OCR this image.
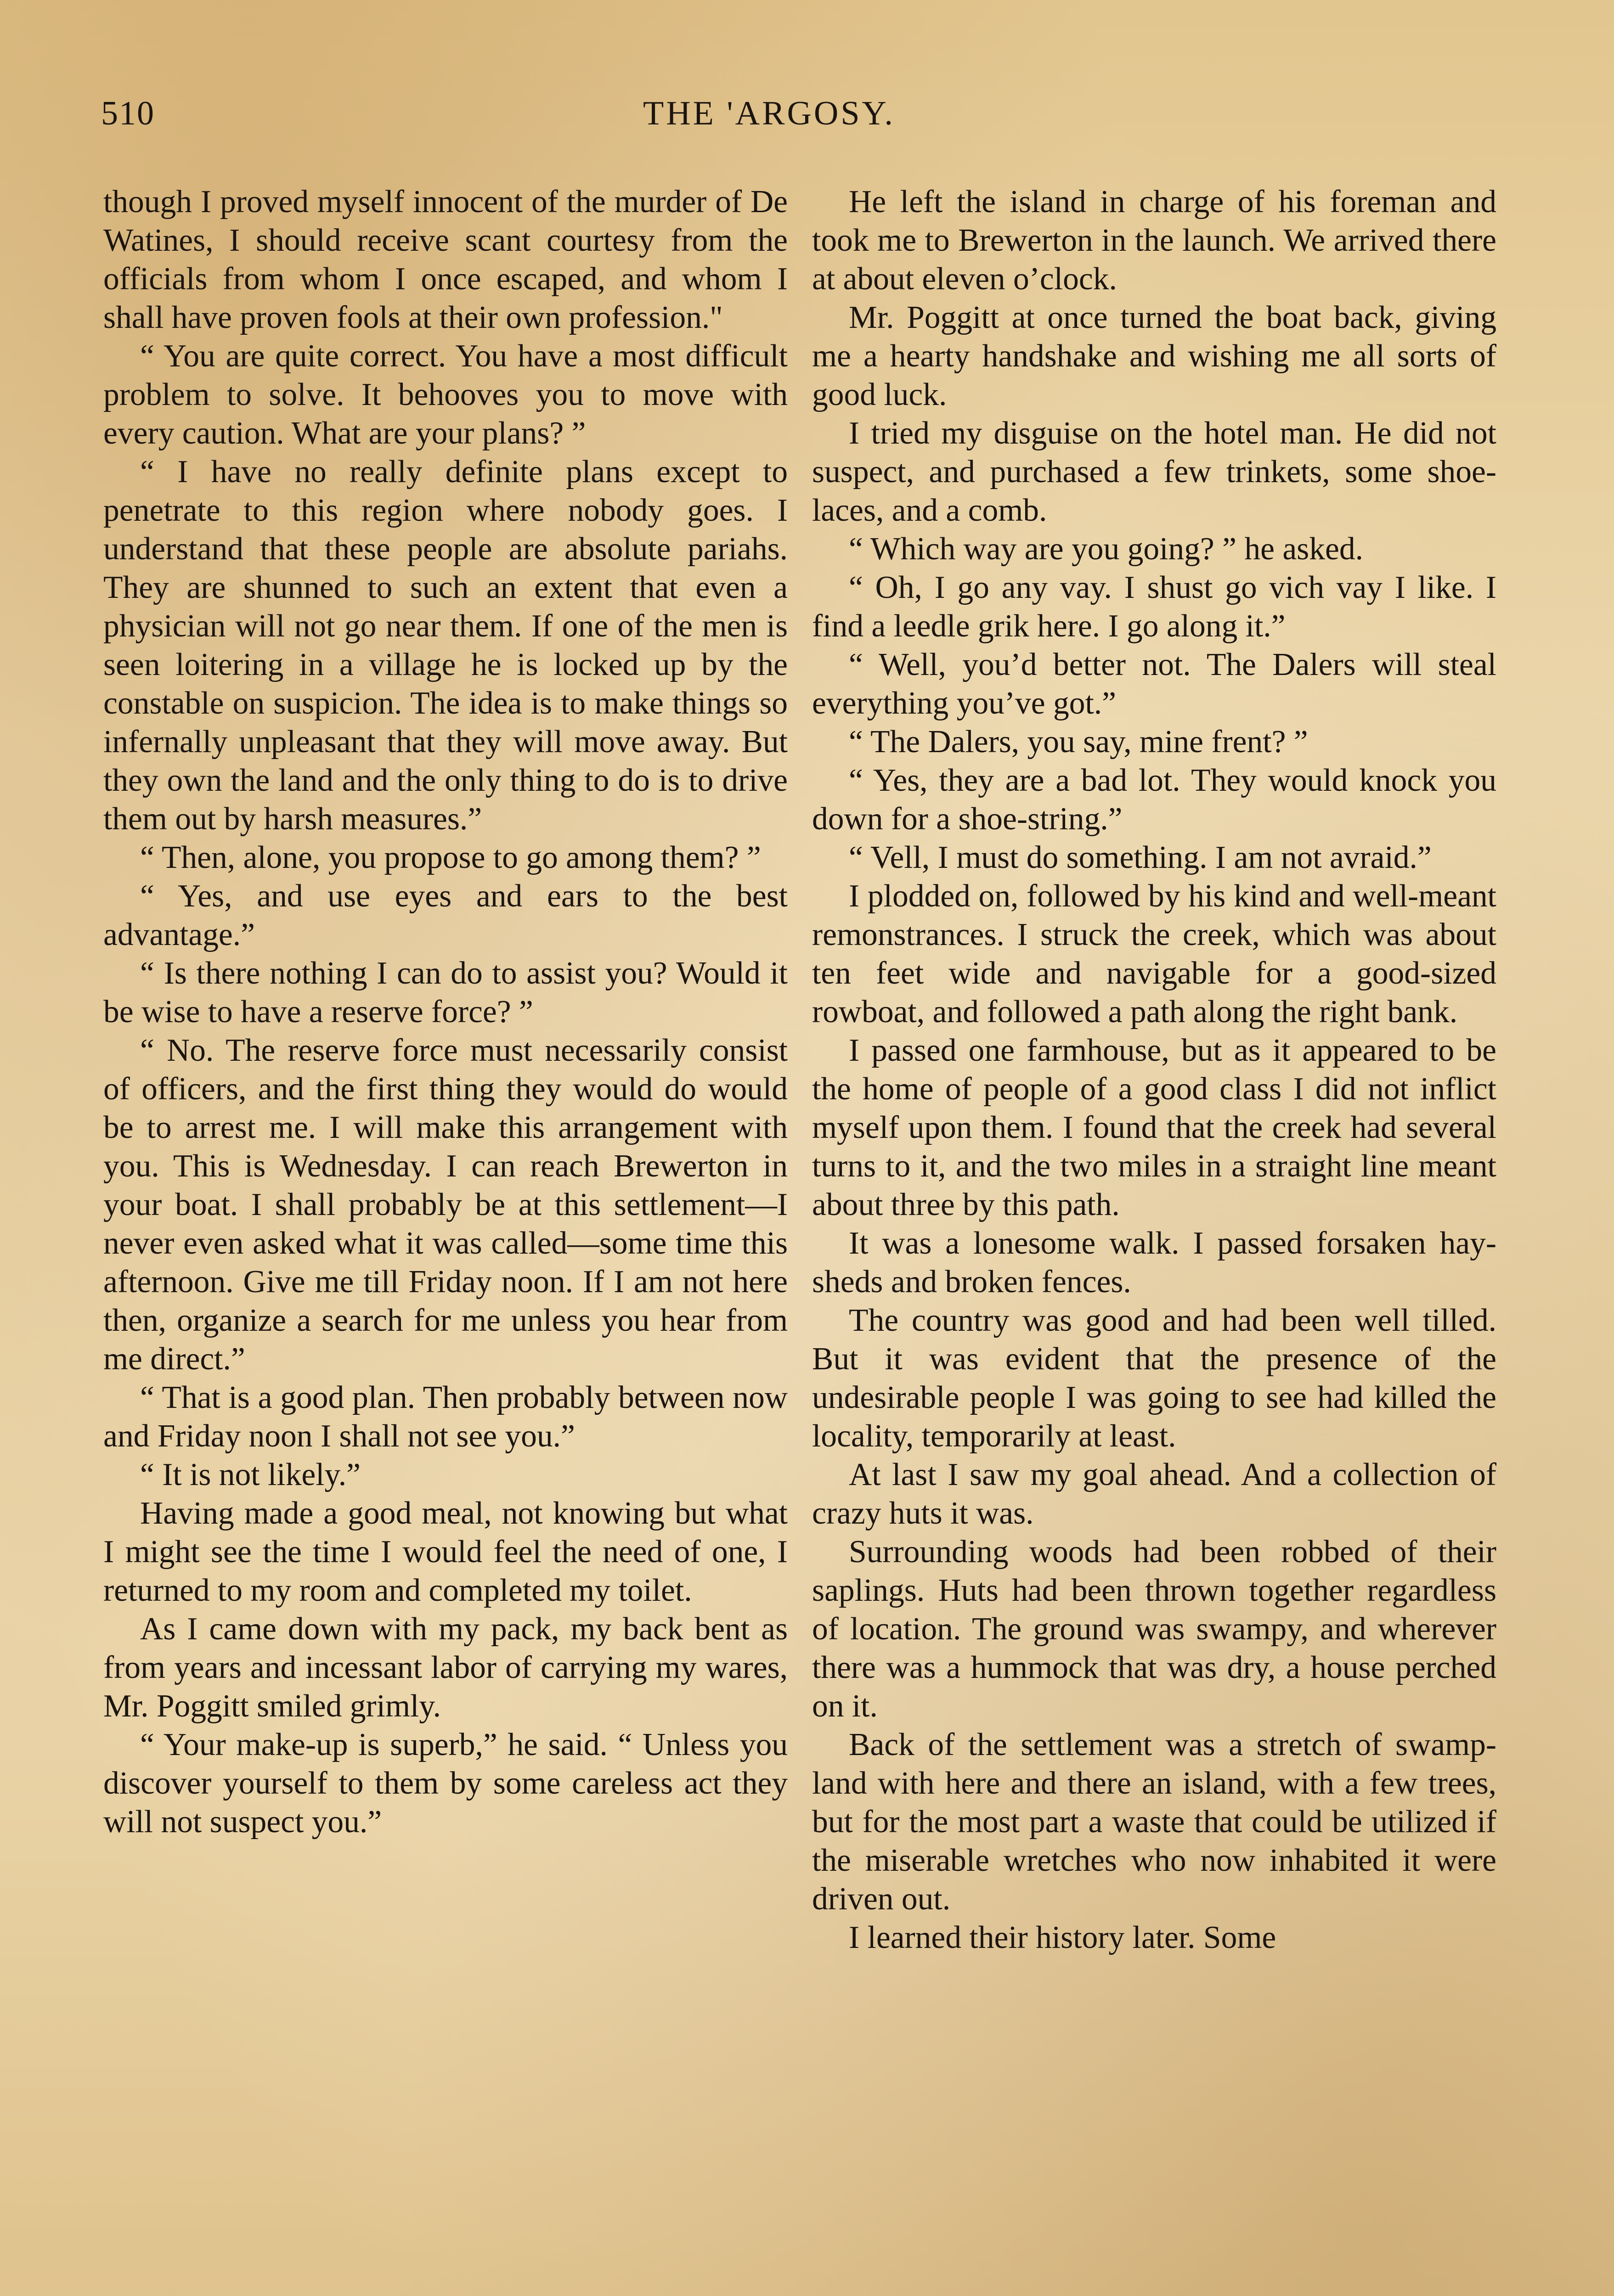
510	THE 'ARGOSY.

though I proved myself innocent of the murder of De Watines, I should receive scant courtesy from the officials from whom I once escaped, and whom I shall have proven fools at their own profession."

“ You are quite correct. You have a most difficult problem to solve. It behooves you to move with every caution. What are your plans? ”

“ I have no really definite plans except to penetrate to this region where nobody goes. I understand that these people are absolute pariahs. They are shunned to such an extent that even a physician will not go near them. If one of the men is seen loitering in a village he is locked up by the constable on suspicion. The idea is to make things so infernally unpleasant that they will move away. But they own the land and the only thing to do is to drive them out by harsh measures.”

“ Then, alone, you propose to go among them? ”

“ Yes, and use eyes and ears to the best advantage.”

“ Is there nothing I can do to assist you? Would it be wise to have a reserve force? ”

“ No. The reserve force must necessarily consist of officers, and the first thing they would do would be to arrest me. I will make this arrangement with you. This is Wednesday. I can reach Brewerton in your boat. I shall probably be at this settlement—I never even asked what it was called—some time this afternoon. Give me till Friday noon. If I am not here then, organize a search for me unless you hear from me direct.”

“ That is a good plan. Then probably between now and Friday noon I shall not see you.”

“ It is not likely.”

Having made a good meal, not knowing but what I might see the time I would feel the need of one, I returned to my room and completed my toilet.

As I came down with my pack, my back bent as from years and incessant labor of carrying my wares, Mr. Poggitt smiled grimly.

“ Your make-up is superb,” he said. “ Unless you discover yourself to them by some careless act they will not suspect you.”

He left the island in charge of his foreman and took me to Brewerton in the launch. We arrived there at about eleven o’clock.

Mr. Poggitt at once turned the boat back, giving me a hearty handshake and wishing me all sorts of good luck.

I tried my disguise on the hotel man. He did not suspect, and purchased a few trinkets, some shoe-laces, and a comb.

“ Which way are you going? ” he asked.

“ Oh, I go any vay. I shust go vich vay I like. I find a leedle grik here. I go along it.”

“ Well, you’d better not. The Dalers will steal everything you’ve got.”

“ The Dalers, you say, mine frent? ”

“ Yes, they are a bad lot. They would knock you down for a shoe-string.”

“ Vell, I must do something. I am not avraid.”

I plodded on, followed by his kind and well-meant remonstrances. I struck the creek, which was about ten feet wide and navigable for a good-sized rowboat, and followed a path along the right bank.

I passed one farmhouse, but as it appeared to be the home of people of a good class I did not inflict myself upon them. I found that the creek had several turns to it, and the two miles in a straight line meant about three by this path.

It was a lonesome walk. I passed forsaken hay-sheds and broken fences.

The country was good and had been well tilled. But it was evident that the presence of the undesirable people I was going to see had killed the locality, temporarily at least.

At last I saw my goal ahead. And a collection of crazy huts it was.

Surrounding woods had been robbed of their saplings. Huts had been thrown together regardless of location. The ground was swampy, and wherever there was a hummock that was dry, a house perched on it.

Back of the settlement was a stretch of swamp-land with here and there an island, with a few trees, but for the most part a waste that could be utilized if the miserable wretches who now inhabited it were driven out.

I learned their history later. Some
